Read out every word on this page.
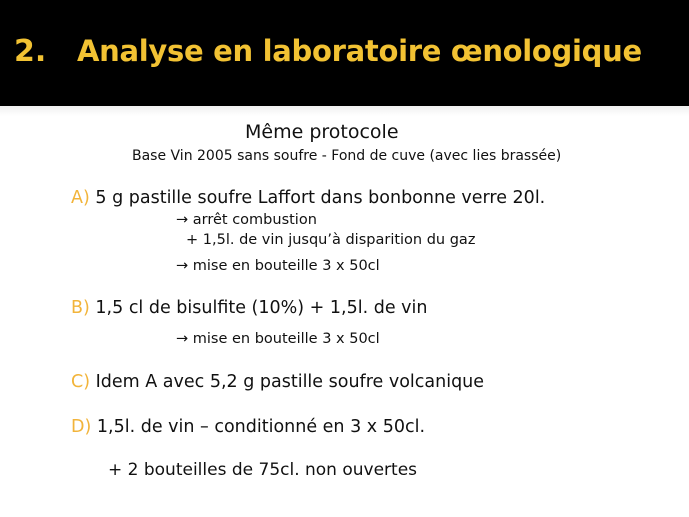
2. Analyse en laboratoire œnologique
Même protocole
Base Vin 2005 sans soufre - Fond de cuve (avec lies brassée)
A) 5 g pastille soufre Laffort dans bonbonne verre 20l.
→ arrêt combustion
+ 1,5l. de vin jusqu’à disparition du gaz
→ mise en bouteille 3 x 50cl
B) 1,5 cl de bisulfite (10%) + 1,5l. de vin
→ mise en bouteille 3 x 50cl
C) Idem A avec 5,2 g pastille soufre volcanique
D) 1,5l. de vin – conditionné en 3 x 50cl.
+ 2 bouteilles de 75cl. non ouvertes
